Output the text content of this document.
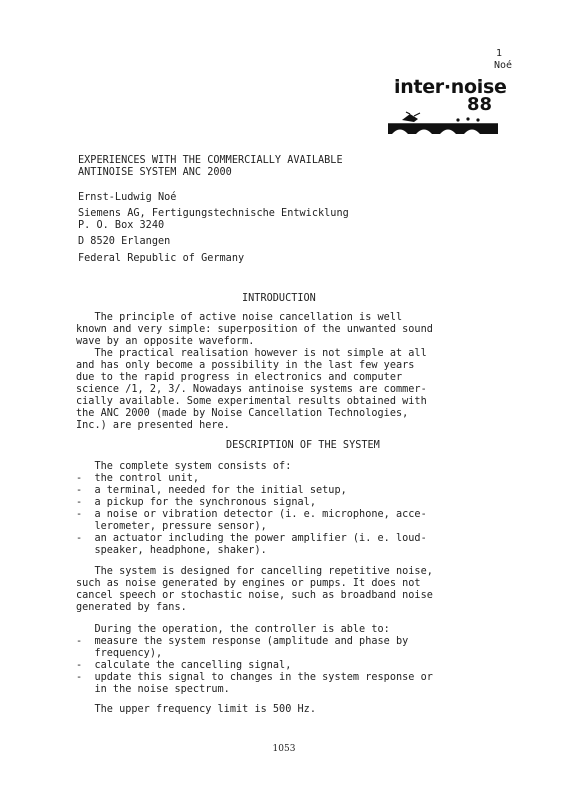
1
Noé
inter·noise
88
EXPERIENCES WITH THE COMMERCIALLY AVAILABLE
ANTINOISE SYSTEM ANC 2000
Ernst-Ludwig Noé
Siemens AG, Fertigungstechnische Entwicklung
P. O. Box 3240
D 8520 Erlangen
Federal Republic of Germany
INTRODUCTION
The principle of active noise cancellation is well
known and very simple: superposition of the unwanted sound
wave by an opposite waveform.
The practical realisation however is not simple at all
and has only become a possibility in the last few years
due to the rapid progress in electronics and computer
science /1, 2, 3/. Nowadays antinoise systems are commer-
cially available. Some experimental results obtained with
the ANC 2000 (made by Noise Cancellation Technologies,
Inc.) are presented here.
DESCRIPTION OF THE SYSTEM
The complete system consists of:
-  the control unit,
-  a terminal, needed for the initial setup,
-  a pickup for the synchronous signal,
-  a noise or vibration detector (i. e. microphone, acce-
lerometer, pressure sensor),
-  an actuator including the power amplifier (i. e. loud-
speaker, headphone, shaker).
The system is designed for cancelling repetitive noise,
such as noise generated by engines or pumps. It does not
cancel speech or stochastic noise, such as broadband noise
generated by fans.
During the operation, the controller is able to:
-  measure the system response (amplitude and phase by
frequency),
-  calculate the cancelling signal,
-  update this signal to changes in the system response or
in the noise spectrum.
The upper frequency limit is 500 Hz.
1053
